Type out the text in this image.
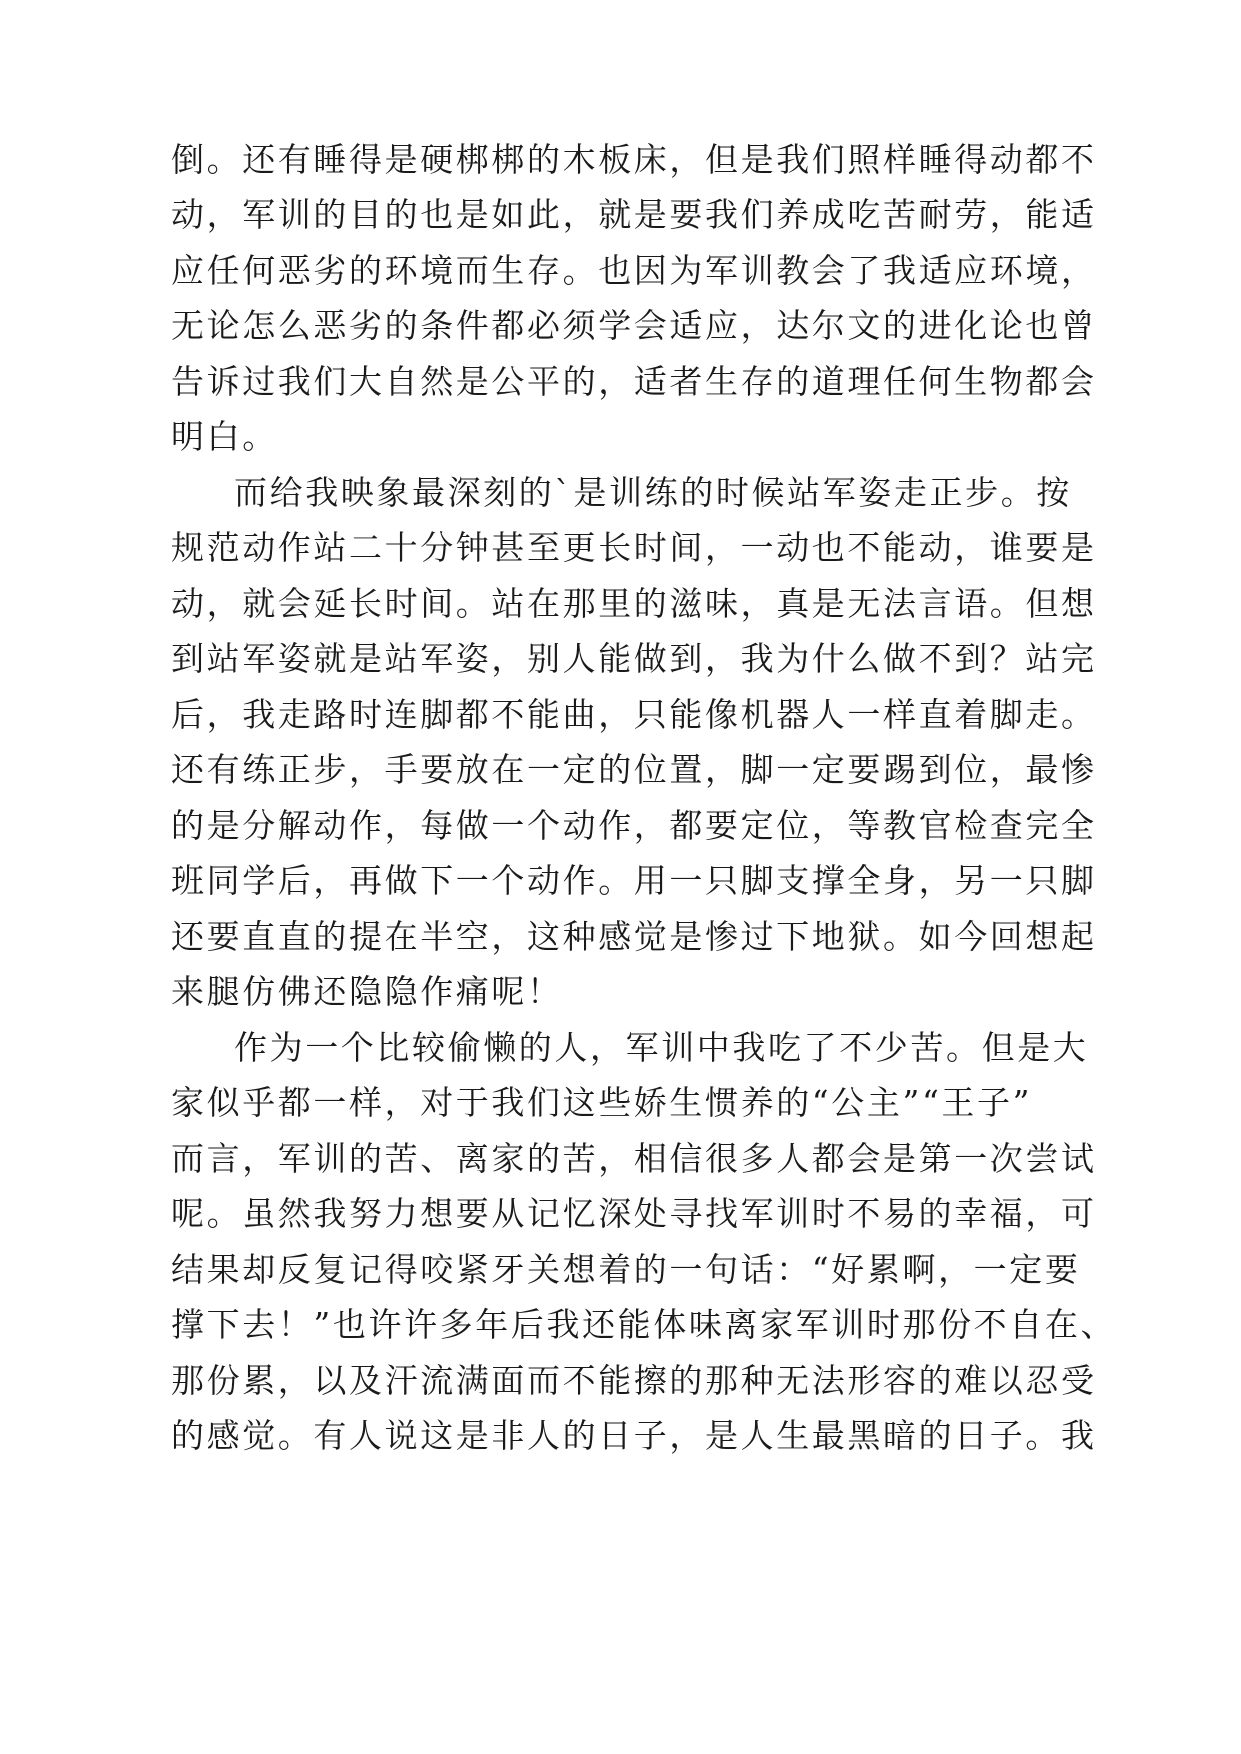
倒。还有睡得是硬梆梆的木板床，但是我们照样睡得动都不
动，军训的目的也是如此，就是要我们养成吃苦耐劳，能适
应任何恶劣的环境而生存。也因为军训教会了我适应环境，
无论怎么恶劣的条件都必须学会适应，达尔文的进化论也曾
告诉过我们大自然是公平的，适者生存的道理任何生物都会
明白。
而给我映象最深刻的`是训练的时候站军姿走正步。按
规范动作站二十分钟甚至更长时间，一动也不能动，谁要是
动，就会延长时间。站在那里的滋味，真是无法言语。但想
到站军姿就是站军姿，别人能做到，我为什么做不到？站完
后，我走路时连脚都不能曲，只能像机器人一样直着脚走。
还有练正步，手要放在一定的位置，脚一定要踢到位，最惨
的是分解动作，每做一个动作，都要定位，等教官检查完全
班同学后，再做下一个动作。用一只脚支撑全身，另一只脚
还要直直的提在半空，这种感觉是惨过下地狱。如今回想起
来腿仿佛还隐隐作痛呢！
作为一个比较偷懒的人，军训中我吃了不少苦。但是大
家似乎都一样，对于我们这些娇生惯养的“公主”“王子”
而言，军训的苦、离家的苦，相信很多人都会是第一次尝试
呢。虽然我努力想要从记忆深处寻找军训时不易的幸福，可
结果却反复记得咬紧牙关想着的一句话：“好累啊，一定要
撑下去！”也许许多年后我还能体味离家军训时那份不自在、
那份累，以及汗流满面而不能擦的那种无法形容的难以忍受
的感觉。有人说这是非人的日子，是人生最黑暗的日子。我
